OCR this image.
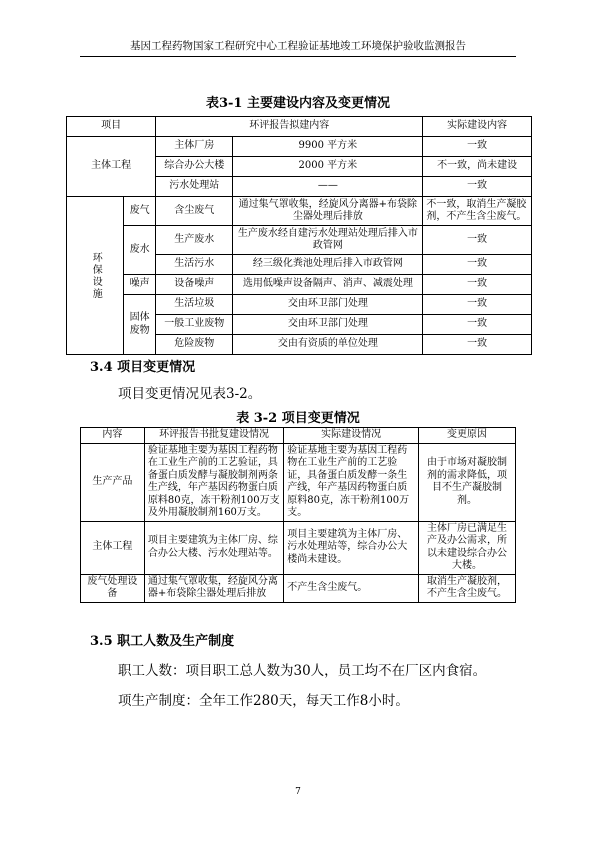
基因工程药物国家工程研究中心工程验证基地竣工环境保护验收监测报告
表3-1 主要建设内容及变更情况
项目		环评报告拟建内容		实际建设内容
主体工程		主体厂房	9900 平方米	一致
		综合办公大楼	2000 平方米	不一致，尚未建设
		污水处理站	——	一致
环保设施	废气	含尘废气	通过集气罩收集，经旋风分离器+布袋除尘器处理后排放	不一致，取消生产凝胶剂，不产生含尘废气。
	废水	生产废水	生产废水经自建污水处理站处理后排入市政管网	一致
		生活污水	经三级化粪池处理后排入市政管网	一致
	噪声	设备噪声	选用低噪声设备隔声、消声、减震处理	一致
	固体废物	生活垃圾	交由环卫部门处理	一致
		一般工业废物	交由环卫部门处理	一致
		危险废物	交由有资质的单位处理	一致
3.4 项目变更情况
项目变更情况见表3-2。
表 3-2 项目变更情况
内容	环评报告书批复建设情况	实际建设情况	变更原因
生产产品	验证基地主要为基因工程药物在工业生产前的工艺验证，具备蛋白质发酵与凝胶制剂两条生产线，年产基因药物蛋白质原料80克，冻干粉剂100万支及外用凝胶制剂160万支。	验证基地主要为基因工程药物在工业生产前的工艺验证，具备蛋白质发酵一条生产线，年产基因药物蛋白质原料80克，冻干粉剂100万支。	由于市场对凝胶制剂的需求降低，项目不生产凝胶制剂。
主体工程	项目主要建筑为主体厂房、综合办公大楼、污水处理站等。	项目主要建筑为主体厂房、污水处理站等，综合办公大楼尚未建设。	主体厂房已满足生产及办公需求，所以未建设综合办公大楼。
废气处理设备	通过集气罩收集，经旋风分离器+布袋除尘器处理后排放	不产生含尘废气。	取消生产凝胶剂，不产生含尘废气。
3.5 职工人数及生产制度
职工人数：项目职工总人数为30人，员工均不在厂区内食宿。
项生产制度：全年工作280天，每天工作8小时。
7
